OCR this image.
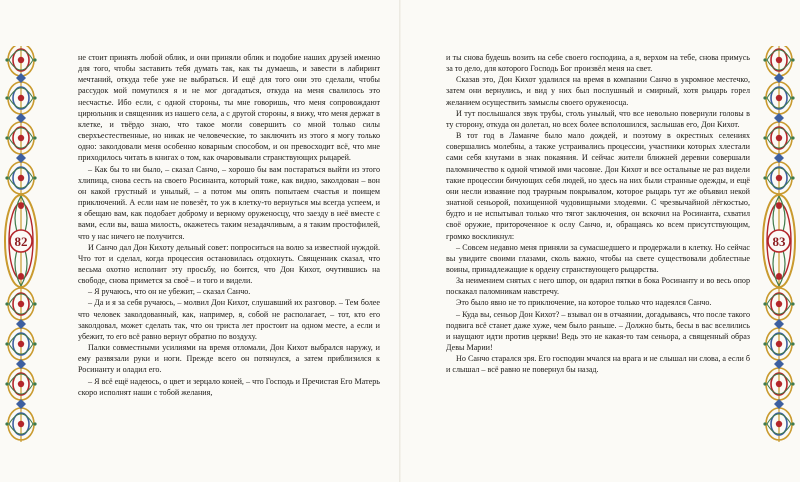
82	83

не стоит принять любой облик, и они приняли облик и подобие наших друзей именно для того, чтобы заставить тебя думать так, как ты думаешь, и завести в лабиринт мечтаний, откуда тебе уже не выбраться. И ещё для того они это сделали, чтобы рассудок мой помутился я и не мог догадаться, откуда на меня свалилось это несчастье. Ибо если, с одной стороны, ты мне говоришь, что меня сопровождают цирюльник и священник из нашего села, а с другой стороны, я вижу, что меня держат в клетке, и твёрдо знаю, что такое могли совершить со мной только силы сверхъестественные, но никак не человеческие, то заключить из этого я могу только одно: заколдовали меня особенно коварным способом, и он превосходит всё, что мне приходилось читать в книгах о том, как очаровывали странствующих рыцарей.

– Как бы то ни было, – сказал Санчо, – хорошо бы вам постараться выйти из этого хлипица, снова сесть на своего Росинанта, который тоже, как видно, заколдован – вон он какой грустный и унылый, – а потом мы опять попытаем счастья и поищем приключений. А если нам не повезёт, то уж в клетку-то вернуться мы всегда успеем, и я обещаю вам, как подобает доброму и верному оруженосцу, что заезду в неё вместе с вами, если вы, ваша милость, окажетесь таким незадачливым, а я таким простофилей, что у нас ничего не получится.

И Санчо дал Дон Кихоту дельный совет: попроситься на волю за известной нуждой. Что тот и сделал, когда процессия остановилась отдохнуть. Священник сказал, что весьма охотно исполнит эту просьбу, но боится, что Дон Кихот, очутившись на свободе, снова примется за своё – и того и видели.

– Я ручаюсь, что он не убежит, – сказал Санчо.

– Да и я за себя ручаюсь, – молвил Дон Кихот, слушавший их разговор. – Тем более что человек заколдованный, как, например, я, собой не располагает, – тот, кто его заколдовал, может сделать так, что он триста лет простоит на одном месте, а если и убежит, то его всё равно вернут обратно по воздуху.

Палки совместными усилиями на время отломали, Дон Кихот выбрался наружу, и ему развязали руки и ноги. Прежде всего он потянулся, а затем приблизился к Росинанту и оладил его.

– Я всё ещё надеюсь, о цвет и зерцало коней, – что Господь и Пречистая Его Матерь скоро исполнят наши с тобой желания,

и ты снова будешь возить на себе своего господина, а я, верхом на тебе, снова примусь за то дело, для которого Господь Бог произвёл меня на свет.

Сказав это, Дон Кихот удалился на время в компании Санчо в укромное местечко, затем они вернулись, и вид у них был послушный и смирный, хотя рыцарь горел желанием осуществить замыслы своего оруженосца.

И тут послышался звук трубы, столь унылый, что все невольно повернули головы в ту сторону, откуда он долетал, но всех более всполошился, заслышав его, Дон Кихот.

В тот год в Ламанче было мало дождей, и поэтому в окрестных селениях совершались молебны, а также устраивались процессии, участники которых хлестали сами себя кнутами в знак покаяния. И сейчас жители ближней деревни совершали паломничество к одной чтимой ими часовне. Дон Кихот и все остальные не раз видели такие процессии бичующих себя людей, но здесь на них были странные одежды, и ещё они несли изваяние под траурным покрывалом, которое рыцарь тут же объявил некой знатной сеньорой, похищенной чудовищными злодеями. С чрезвычайной лёгкостью, будто и не испытывал только что тягот заключения, он вскочил на Росинанта, схватил своё оружие, притороченное к ослу Санчо, и, обращаясь ко всем присутствующим, громко воскликнул:

– Совсем недавно меня приняли за сумасшедшего и продержали в клетку. Но сейчас вы увидите своими глазами, сколь важно, чтобы на свете существовали доблестные воины, принадлежащие к ордену странствующего рыцарства.

За неимением снятых с него шпор, он вдарил пятки в бока Росинанту и во весь опор поскакал паломникам навстречу.

Это было явно не то приключение, на которое только что надеялся Санчо.

– Куда вы, сеньор Дон Кихот? – взывал он в отчаянии, догадываясь, что после такого подвига всё станет даже хуже, чем было раньше. – Должно быть, бесы в вас вселились и наущают идти против церкви! Ведь это не какая-то там сеньора, а священный образ Девы Марии!

Но Санчо старался зря. Его господин мчался на врага и не слышал ни слова, а если б и слышал – всё равно не повернул бы назад.
